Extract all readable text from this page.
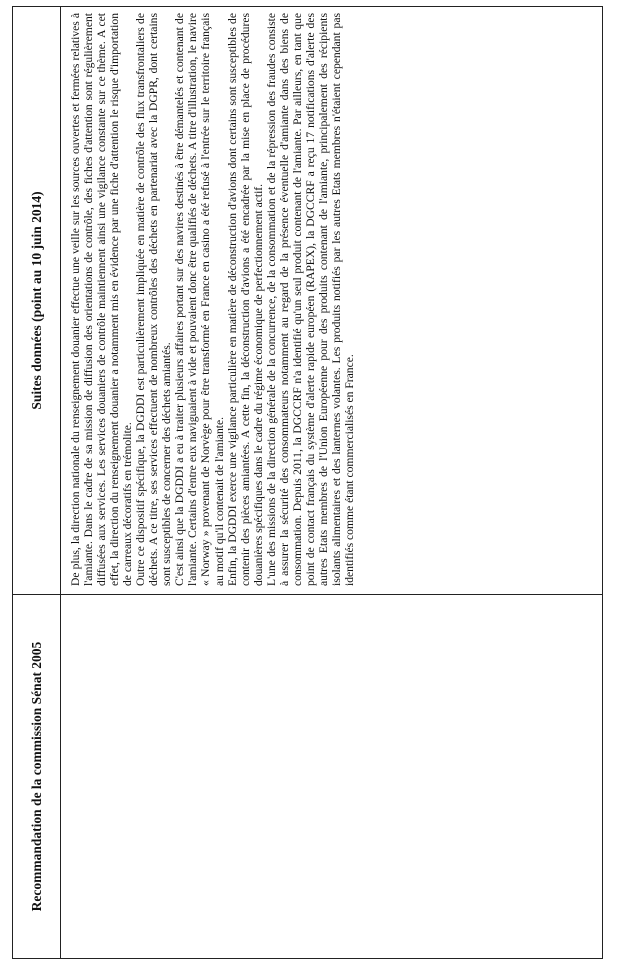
Recommandation de la commission Sénat 2005
Suites données (point au 10 juin 2014) De plus, la direction nationale du renseignement douanier effectue une veille sur les sources ouvertes et fermées relatives à l'amiante. Dans le cadre de sa mission de diffusion des orientations de contrôle, des fiches d'attention sont régulièrement diffusées aux services. Les services douaniers de contrôle maintiennent ainsi une vigilance constante sur ce thème. A cet effet, la direction du renseignement douanier a notamment mis en évidence par une fiche d'attention le risque d'importation de carreaux décoratifs en trémolite. Outre ce dispositif spécifique, la DGDDI est particulièrement impliquée en matière de contrôle des flux transfrontaliers de déchets. A ce titre, ses services effectuent de nombreux contrôles des déchets en partenariat avec la DGPR, dont certains sont susceptibles de concerner des déchets amiantés. C'est ainsi que la DGDDI a eu à traiter plusieurs affaires portant sur des navires destinés à être démantelés et contenant de l'amiante. Certains d'entre eux naviguaient à vide et pouvaient donc être qualifiés de déchets. A titre d'illustration, le navire « Norway » provenant de Norvège pour être transformé en France en casino a été refusé à l'entrée sur le territoire français au motif qu'il contenait de l'amiante. Enfin, la DGDDI exerce une vigilance particulière en matière de déconstruction d'avions dont certains sont susceptibles de contenir des pièces amiantées. A cette fin, la déconstruction d'avions a été encadrée par la mise en place de procédures douanières spécifiques dans le cadre du régime économique de perfectionnement actif. L'une des missions de la direction générale de la concurrence, de la consommation et de la répression des fraudes consiste à assurer la sécurité des consommateurs notamment au regard de la présence éventuelle d'amiante dans des biens de consommation. Depuis 2011, la DGCCRF n'a identifié qu'un seul produit contenant de l'amiante. Par ailleurs, en tant que point de contact français du système d'alerte rapide européen (RAPEX), la DGCCRF a reçu 17 notifications d'alerte des autres Etats membres de l'Union Européenne pour des produits contenant de l'amiante, principalement des récipients isolants alimentaires et des lanternes volantes. Les produits notifiés par les autres Etats membres n'étaient cependant pas identifiés comme étant commercialisés en France.
